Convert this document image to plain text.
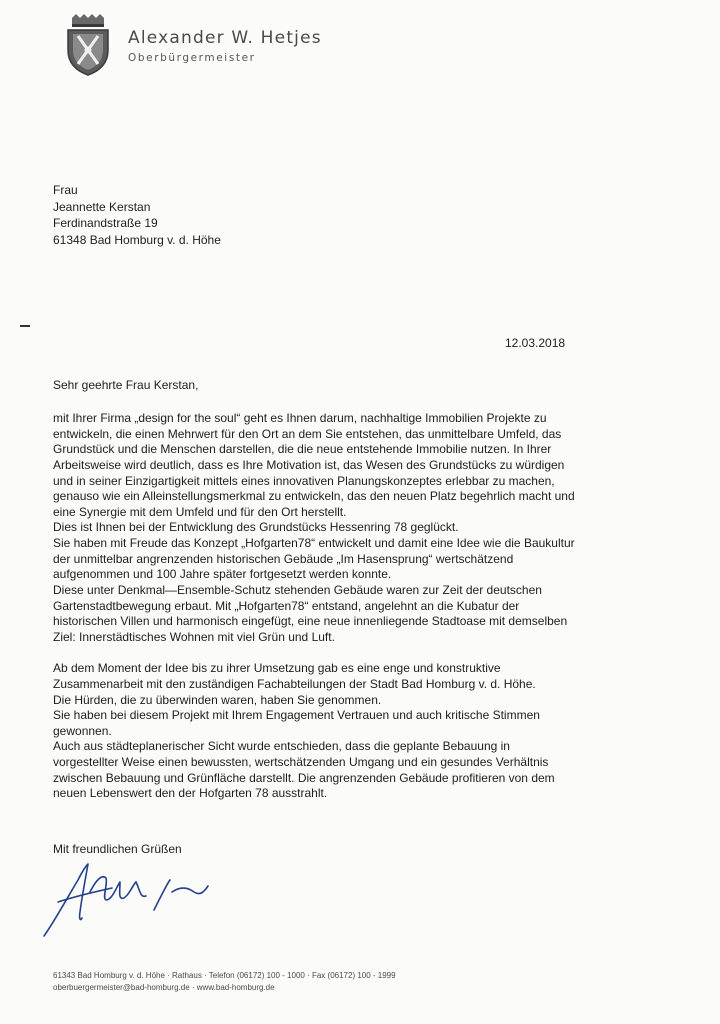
Alexander W. Hetjes
Oberbürgermeister
Frau
Jeannette Kerstan
Ferdinandstraße 19
61348 Bad Homburg v. d. Höhe
12.03.2018
Sehr geehrte Frau Kerstan,
mit Ihrer Firma „design for the soul“ geht es Ihnen darum, nachhaltige Immobilien Projekte zu
entwickeln, die einen Mehrwert für den Ort an dem Sie entstehen, das unmittelbare Umfeld, das
Grundstück und die Menschen darstellen, die die neue entstehende Immobilie nutzen. In Ihrer
Arbeitsweise wird deutlich, dass es Ihre Motivation ist, das Wesen des Grundstücks zu würdigen
und in seiner Einzigartigkeit mittels eines innovativen Planungskonzeptes erlebbar zu machen,
genauso wie ein Alleinstellungsmerkmal zu entwickeln, das den neuen Platz begehrlich macht und
eine Synergie mit dem Umfeld und für den Ort herstellt.
Dies ist Ihnen bei der Entwicklung des Grundstücks Hessenring 78 geglückt.
Sie haben mit Freude das Konzept „Hofgarten78“ entwickelt und damit eine Idee wie die Baukultur
der unmittelbar angrenzenden historischen Gebäude „Im Hasensprung“ wertschätzend
aufgenommen und 100 Jahre später fortgesetzt werden konnte.
Diese unter Denkmal—Ensemble-Schutz stehenden Gebäude waren zur Zeit der deutschen
Gartenstadtbewegung erbaut. Mit „Hofgarten78“ entstand, angelehnt an die Kubatur der
historischen Villen und harmonisch eingefügt, eine neue innenliegende Stadtoase mit demselben
Ziel: Innerstädtisches Wohnen mit viel Grün und Luft.
Ab dem Moment der Idee bis zu ihrer Umsetzung gab es eine enge und konstruktive
Zusammenarbeit mit den zuständigen Fachabteilungen der Stadt Bad Homburg v. d. Höhe.
Die Hürden, die zu überwinden waren, haben Sie genommen.
Sie haben bei diesem Projekt mit Ihrem Engagement Vertrauen und auch kritische Stimmen
gewonnen.
Auch aus städteplanerischer Sicht wurde entschieden, dass die geplante Bebauung in
vorgestellter Weise einen bewussten, wertschätzenden Umgang und ein gesundes Verhältnis
zwischen Bebauung und Grünfläche darstellt. Die angrenzenden Gebäude profitieren von dem
neuen Lebenswert den der Hofgarten 78 ausstrahlt.
Mit freundlichen Grüßen
61343 Bad Homburg v. d. Höhe · Rathaus · Telefon (06172) 100 - 1000 · Fax (06172) 100 - 1999
oberbuergermeister@bad-homburg.de · www.bad-homburg.de
